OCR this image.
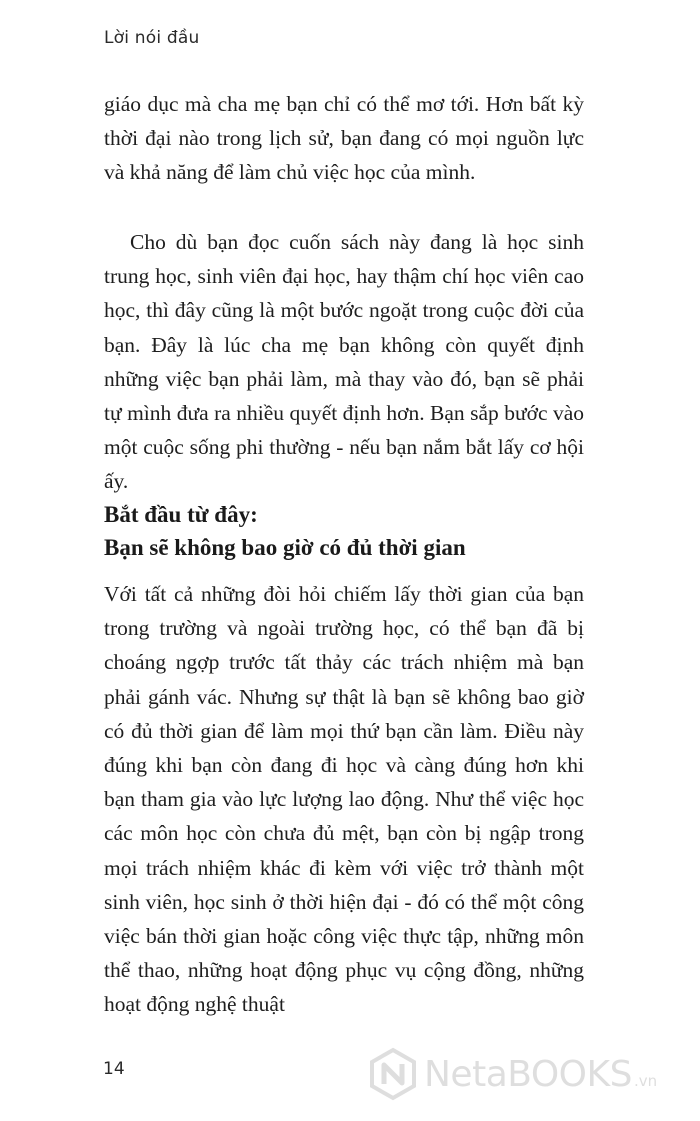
Lời nói đầu

giáo dục mà cha mẹ bạn chỉ có thể mơ tới. Hơn bất kỳ thời đại nào trong lịch sử, bạn đang có mọi nguồn lực và khả năng để làm chủ việc học của mình.

Cho dù bạn đọc cuốn sách này đang là học sinh trung học, sinh viên đại học, hay thậm chí học viên cao học, thì đây cũng là một bước ngoặt trong cuộc đời của bạn. Đây là lúc cha mẹ bạn không còn quyết định những việc bạn phải làm, mà thay vào đó, bạn sẽ phải tự mình đưa ra nhiều quyết định hơn. Bạn sắp bước vào một cuộc sống phi thường - nếu bạn nắm bắt lấy cơ hội ấy.

Bắt đầu từ đây:
Bạn sẽ không bao giờ có đủ thời gian

Với tất cả những đòi hỏi chiếm lấy thời gian của bạn trong trường và ngoài trường học, có thể bạn đã bị choáng ngợp trước tất thảy các trách nhiệm mà bạn phải gánh vác. Nhưng sự thật là bạn sẽ không bao giờ có đủ thời gian để làm mọi thứ bạn cần làm. Điều này đúng khi bạn còn đang đi học và càng đúng hơn khi bạn tham gia vào lực lượng lao động. Như thể việc học các môn học còn chưa đủ mệt, bạn còn bị ngập trong mọi trách nhiệm khác đi kèm với việc trở thành một sinh viên, học sinh ở thời hiện đại - đó có thể một công việc bán thời gian hoặc công việc thực tập, những môn thể thao, những hoạt động phục vụ cộng đồng, những hoạt động nghệ thuật

14	NetaBOOKS .vn
